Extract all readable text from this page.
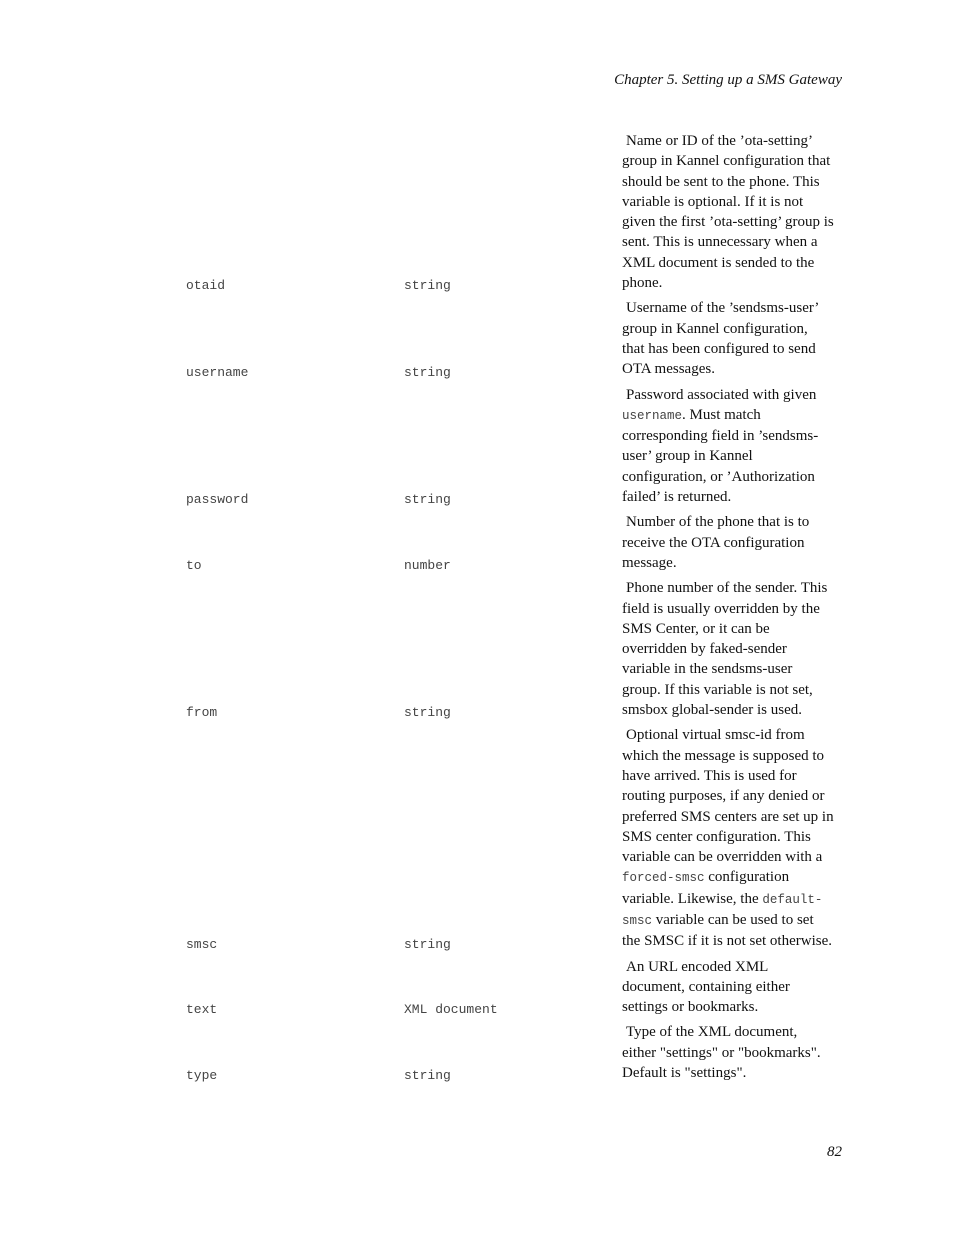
Chapter 5. Setting up a SMS Gateway
otaid	string	Name or ID of the ’ota-setting’ group in Kannel configuration that should be sent to the phone. This variable is optional. If it is not given the first ’ota-setting’ group is sent. This is unnecessary when a XML document is sended to the phone.

username	string	Username of the ’sendsms-user’ group in Kannel configuration, that has been configured to send OTA messages.

password	string	Password associated with given username. Must match corresponding field in ’sendsms-user’ group in Kannel configuration, or ’Authorization failed’ is returned.

to	number	Number of the phone that is to receive the OTA configuration message.

from	string	Phone number of the sender. This field is usually overridden by the SMS Center, or it can be overridden by faked-sender variable in the sendsms-user group. If this variable is not set, smsbox global-sender is used.

smsc	string	Optional virtual smsc-id from which the message is supposed to have arrived. This is used for routing purposes, if any denied or preferred SMS centers are set up in SMS center configuration. This variable can be overridden with a forced-smsc configuration variable. Likewise, the default-smsc variable can be used to set the SMSC if it is not set otherwise.

text	XML document	An URL encoded XML document, containing either settings or bookmarks.

type	string	Type of the XML document, either "settings" or "bookmarks". Default is "settings".
82
